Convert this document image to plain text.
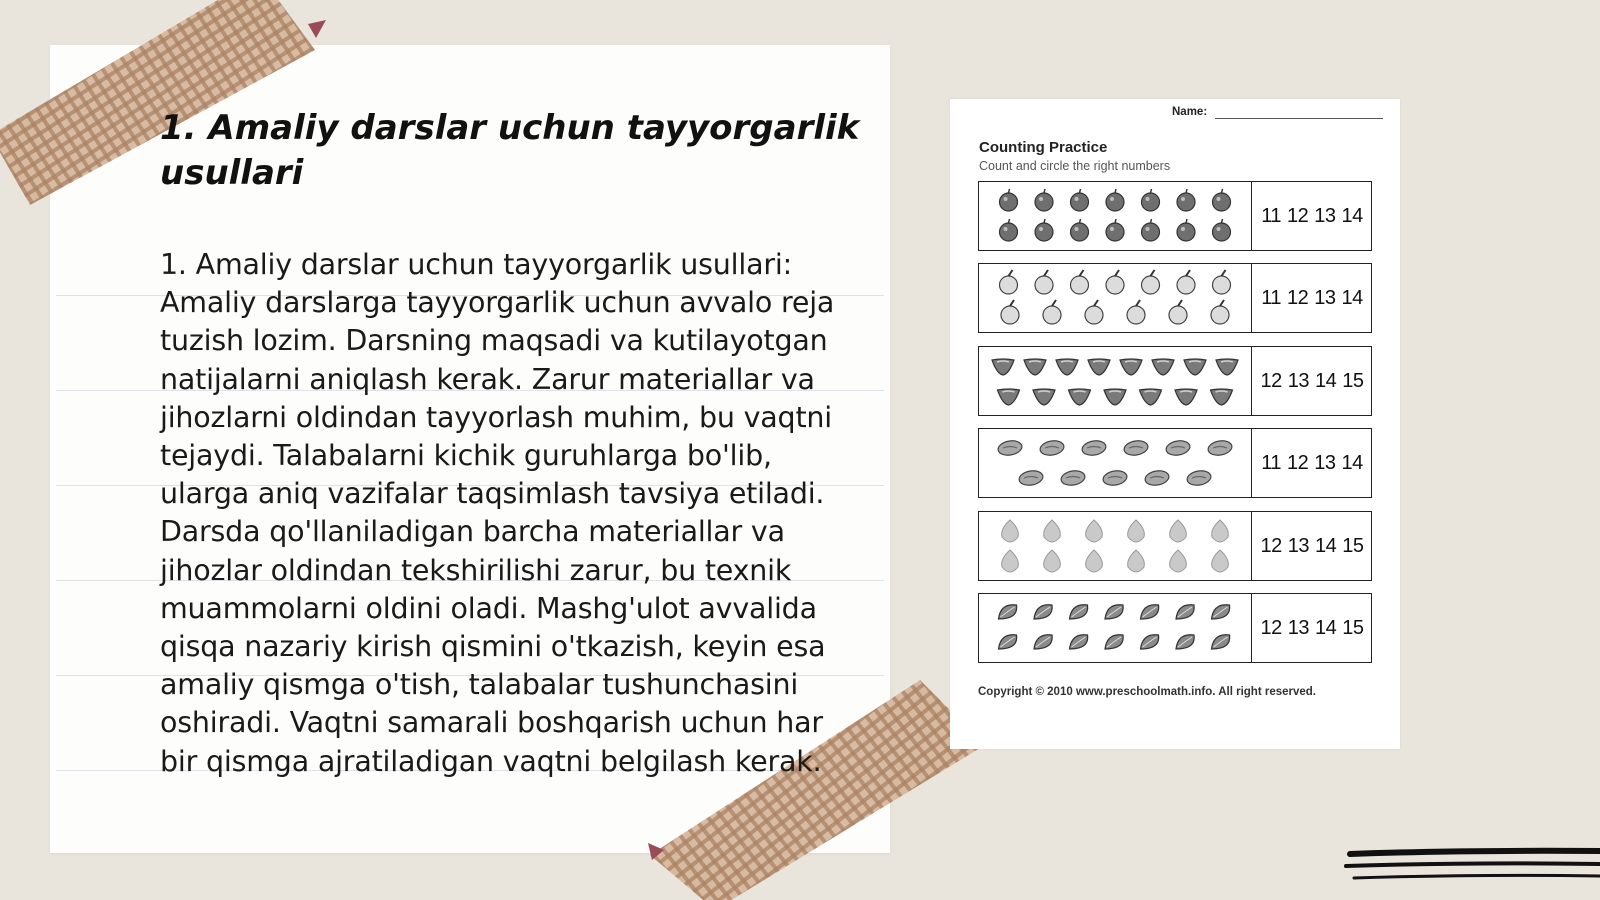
1. Amaliy darslar uchun tayyorgarlik usullari

1. Amaliy darslar uchun tayyorgarlik usullari: Amaliy darslarga tayyorgarlik uchun avvalo reja tuzish lozim. Darsning maqsadi va kutilayotgan natijalarni aniqlash kerak. Zarur materiallar va jihozlarni oldindan tayyorlash muhim, bu vaqtni tejaydi. Talabalarni kichik guruhlarga bo'lib, ularga aniq vazifalar taqsimlash tavsiya etiladi. Darsda qo'llaniladigan barcha materiallar va jihozlar oldindan tekshirilishi zarur, bu texnik muammolarni oldini oladi. Mashg'ulot avvalida qisqa nazariy kirish qismini o'tkazish, keyin esa amaliy qismga o'tish, talabalar tushunchasini oshiradi. Vaqtni samarali boshqarish uchun har bir qismga ajratiladigan vaqtni belgilash kerak.

Name:
Counting Practice
Count and circle the right numbers
11 12 13 14
11 12 13 14
12 13 14 15
11 12 13 14
12 13 14 15
12 13 14 15
Copyright © 2010 www.preschoolmath.info. All right reserved.
